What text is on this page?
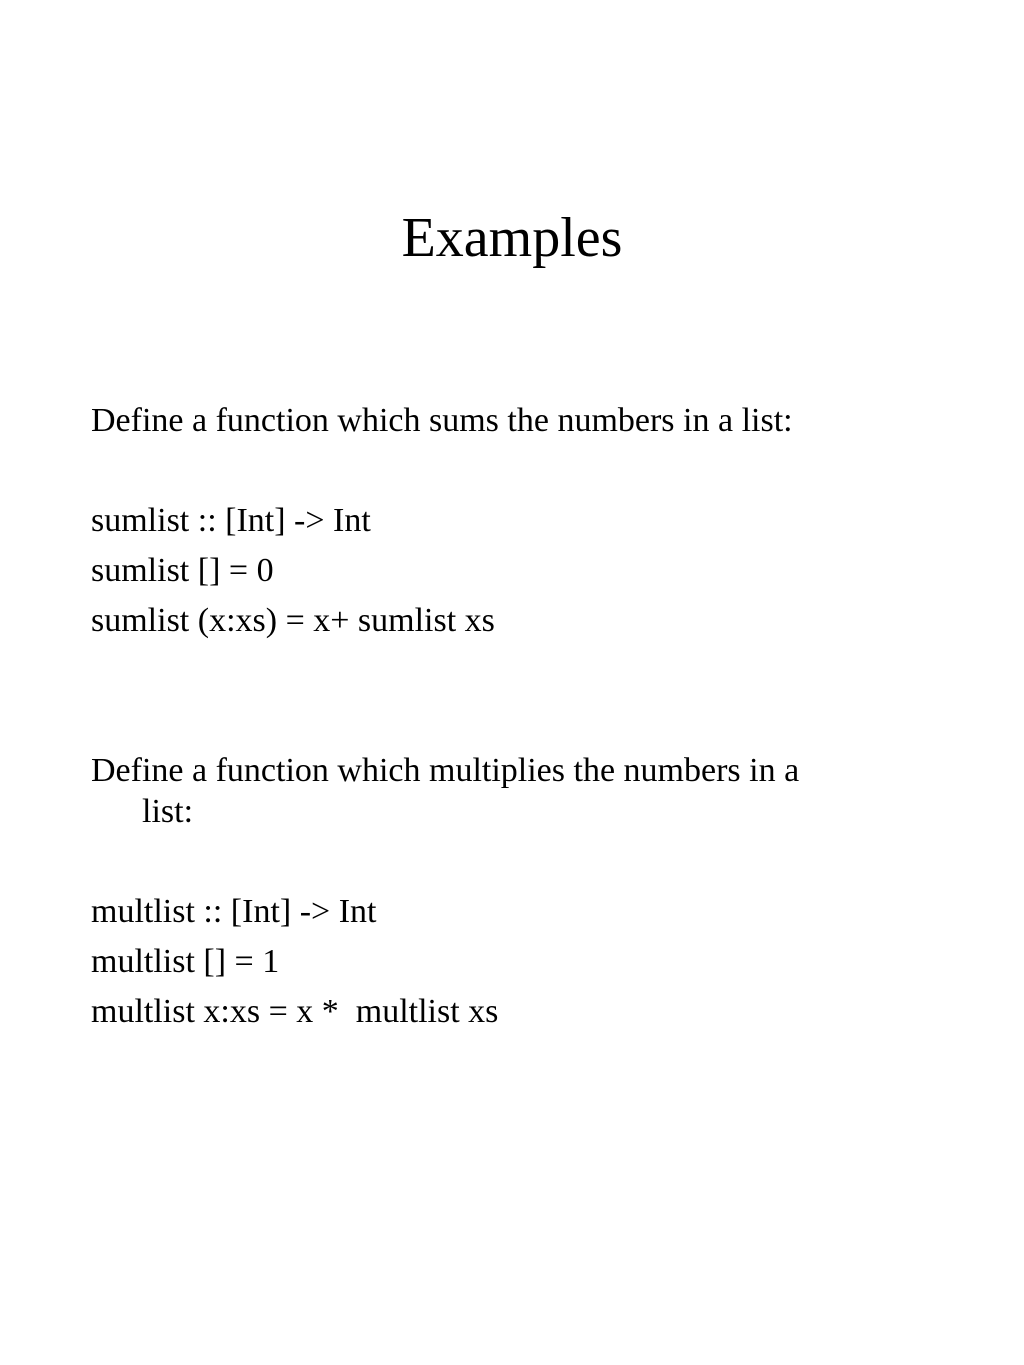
Examples
Define a function which sums the numbers in a list:
sumlist :: [Int] -> Int
sumlist [] = 0
sumlist (x:xs) = x+ sumlist xs
Define a function which multiplies the numbers in a
list:
multlist :: [Int] -> Int
multlist [] = 1
multlist x:xs = x *  multlist xs
